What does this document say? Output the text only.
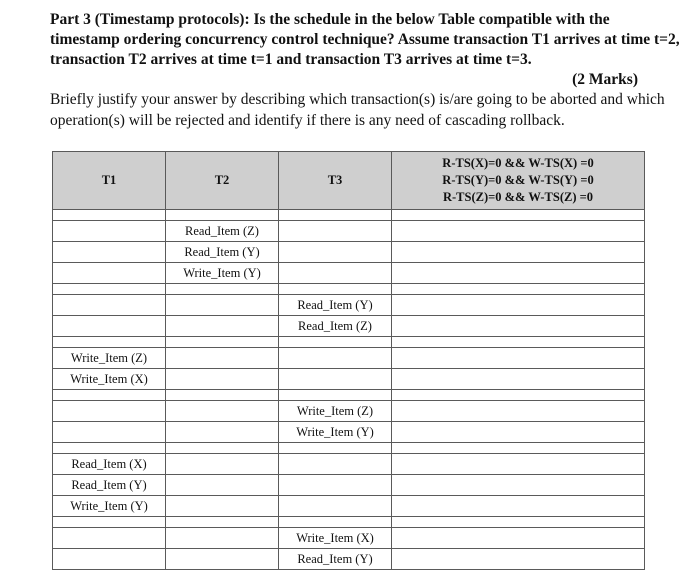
Part 3 (Timestamp protocols): Is the schedule in the below Table compatible with the timestamp ordering concurrency control technique? Assume transaction T1 arrives at time t=2, transaction T2 arrives at time t=1 and transaction T3 arrives at time t=3.

(2 Marks)

Briefly justify your answer by describing which transaction(s) is/are going to be aborted and which operation(s) will be rejected and identify if there is any need of cascading rollback.

T1	T2	T3	R-TS(X)=0 && W-TS(X) =0
R-TS(Y)=0 && W-TS(Y) =0
R-TS(Z)=0 && W-TS(Z) =0

	Read_Item (Z)		
	Read_Item (Y)		
	Write_Item (Y)		

		Read_Item (Y)	
		Read_Item (Z)	

Write_Item (Z)			
Write_Item (X)			

		Write_Item (Z)	
		Write_Item (Y)	

Read_Item (X)			
Read_Item (Y)			
Write_Item (Y)			

		Write_Item (X)	
		Read_Item (Y)	
